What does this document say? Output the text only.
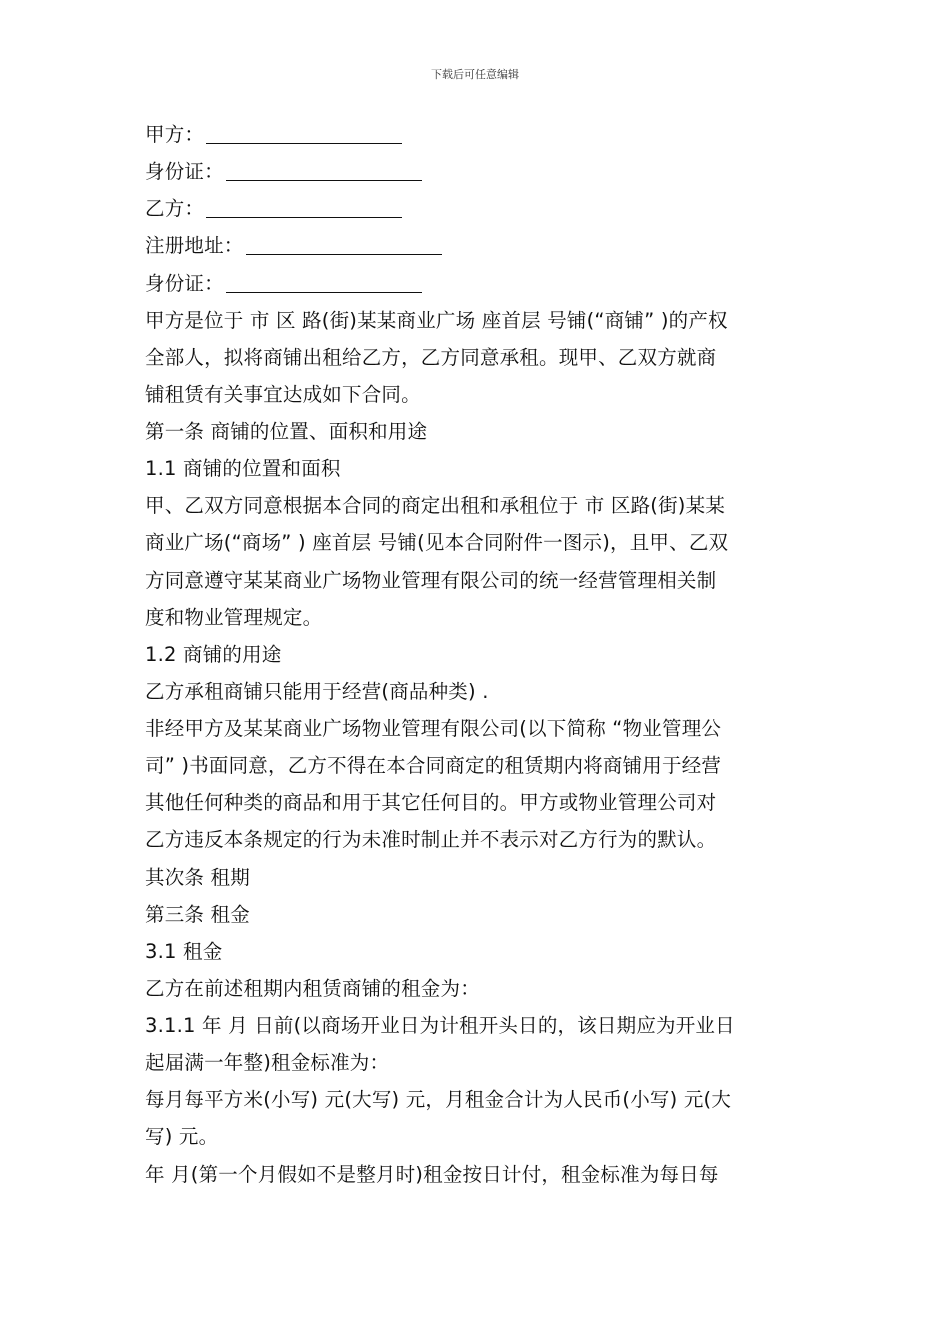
下载后可任意编辑
甲方：
身份证：
乙方：
注册地址：
身份证：
甲方是位于 市 区 路(街)某某商业广场 座首层 号铺(“商铺” )的产权
全部人，拟将商铺出租给乙方，乙方同意承租。现甲、乙双方就商
铺租赁有关事宜达成如下合同。
第一条 商铺的位置、面积和用途
1.1 商铺的位置和面积
甲、乙双方同意根据本合同的商定出租和承租位于 市 区路(街)某某
商业广场(“商场” ) 座首层 号铺(见本合同附件一图示)，且甲、乙双
方同意遵守某某商业广场物业管理有限公司的统一经营管理相关制
度和物业管理规定。
1.2 商铺的用途
乙方承租商铺只能用于经营(商品种类) .
非经甲方及某某商业广场物业管理有限公司(以下简称 “物业管理公
司” )书面同意，乙方不得在本合同商定的租赁期内将商铺用于经营
其他任何种类的商品和用于其它任何目的。甲方或物业管理公司对
乙方违反本条规定的行为未准时制止并不表示对乙方行为的默认。
其次条 租期
第三条 租金
3.1 租金
乙方在前述租期内租赁商铺的租金为：
3.1.1 年 月 日前(以商场开业日为计租开头日的，该日期应为开业日
起届满一年整)租金标准为：
每月每平方米(小写) 元(大写) 元，月租金合计为人民币(小写) 元(大
写) 元。
年 月(第一个月假如不是整月时)租金按日计付，租金标准为每日每
